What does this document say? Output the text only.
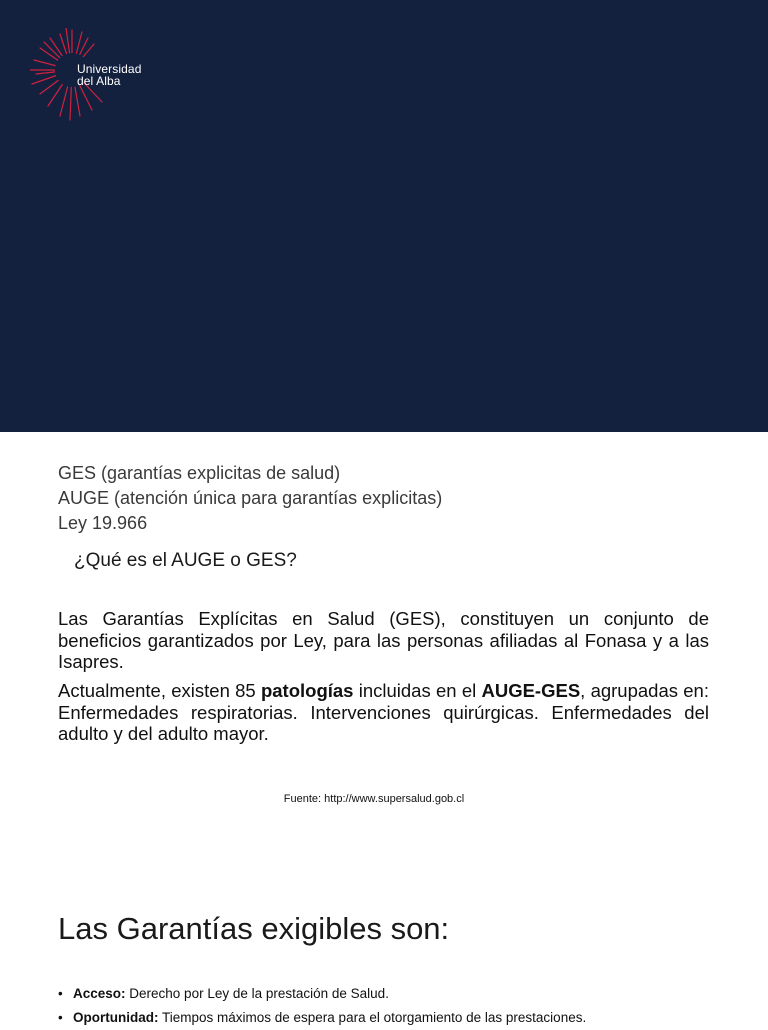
Universidad
del Alba
GES (garantías explicitas de salud)
AUGE (atención única para garantías explicitas)
Ley 19.966
¿Qué es el AUGE o GES?
Las Garantías Explícitas en Salud (GES), constituyen un conjunto de beneficios garantizados por Ley, para las personas afiliadas al Fonasa y a las Isapres.
Actualmente, existen 85 patologías incluidas en el AUGE-GES, agrupadas en: Enfermedades respiratorias. Intervenciones quirúrgicas. Enfermedades del adulto y del adulto mayor.
Fuente: http://www.supersalud.gob.cl
Las Garantías exigibles son:
• Acceso: Derecho por Ley de la prestación de Salud.
• Oportunidad: Tiempos máximos de espera para el otorgamiento de las prestaciones.
